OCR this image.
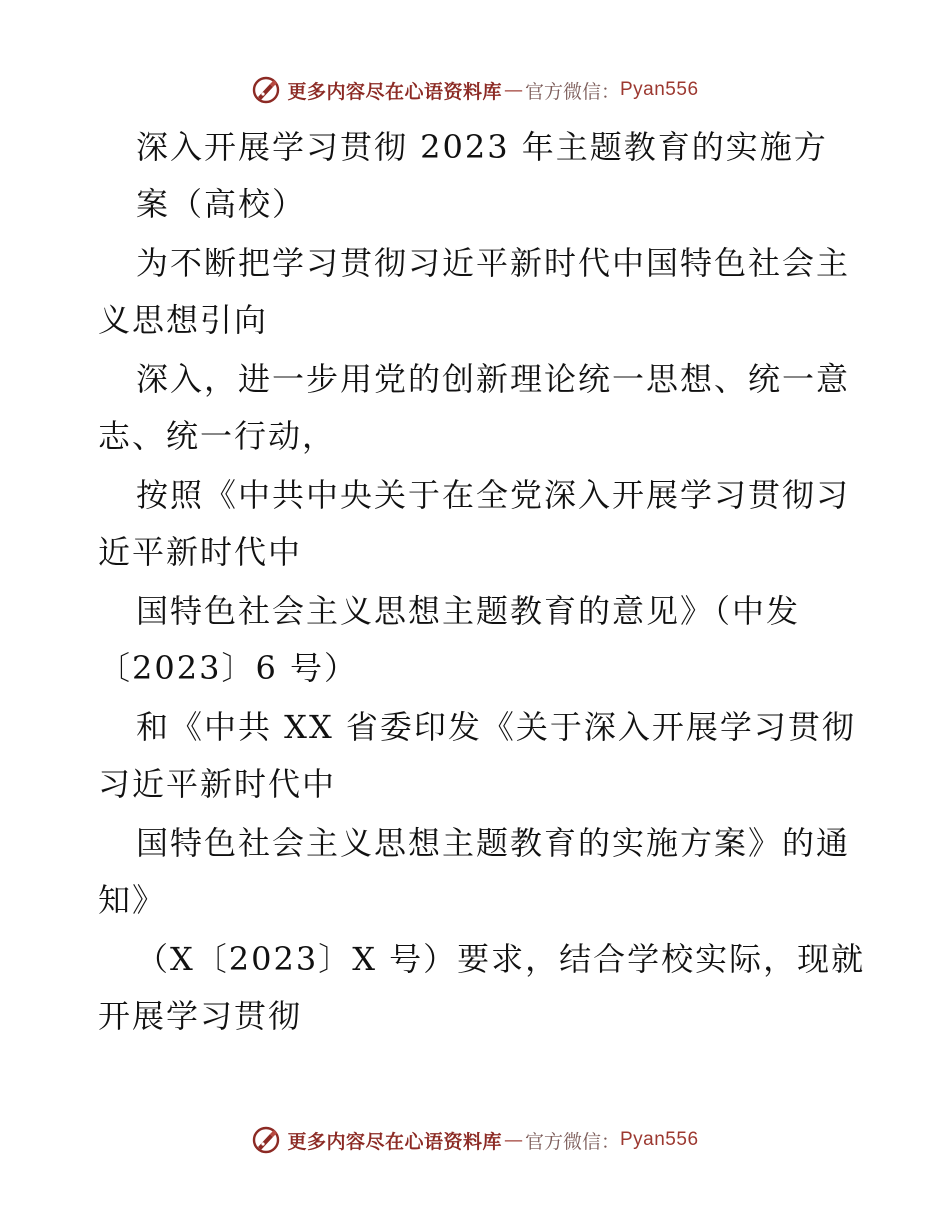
更多内容尽在心语资料库 — 官方微信： Pyan556
深入开展学习贯彻 2023 年主题教育的实施方
案（高校）
为不断把学习贯彻习近平新时代中国特色社会主
义思想引向
深入，进一步用党的创新理论统一思想、统一意
志、统一行动，
按照《中共中央关于在全党深入开展学习贯彻习
近平新时代中
国特色社会主义思想主题教育的意见》（中发
〔2023〕6 号）
和《中共 XX 省委印发《关于深入开展学习贯彻
习近平新时代中
国特色社会主义思想主题教育的实施方案》的通
知》
（X〔2023〕X 号）要求，结合学校实际，现就
开展学习贯彻
更多内容尽在心语资料库 — 官方微信： Pyan556
